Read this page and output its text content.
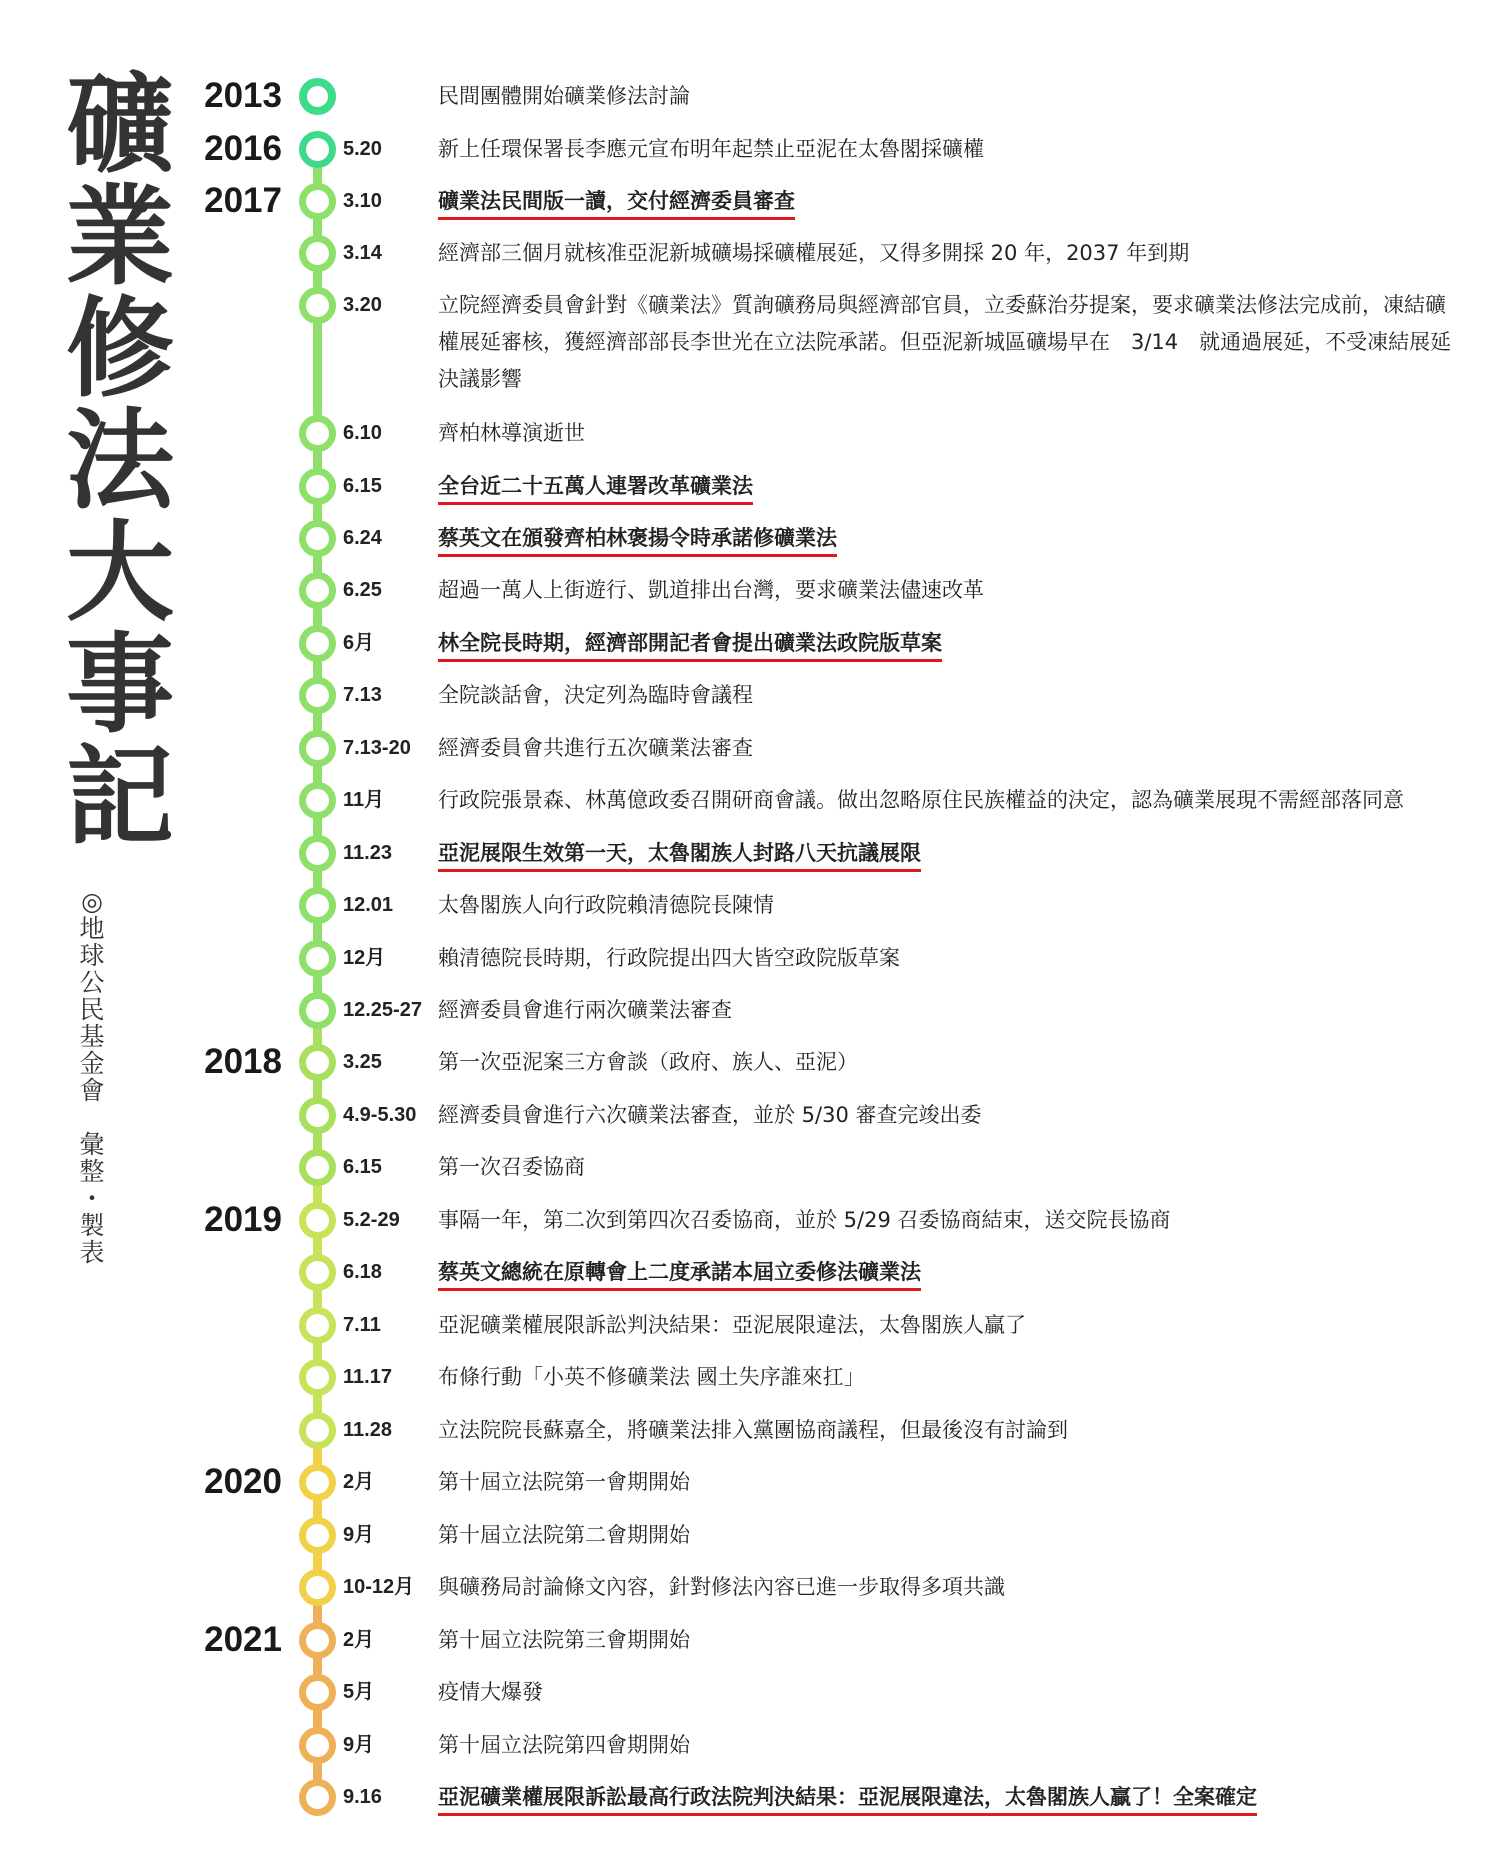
礦
業
修
法
大
事
記
◎
地
球
公
民
基
金
會

彙
整
・
製
表
2013	民間團體開始礦業修法討論
2016	5.20	新上任環保署長李應元宣布明年起禁止亞泥在太魯閣採礦權
2017	3.10	礦業法民間版一讀，交付經濟委員審查
3.14	經濟部三個月就核准亞泥新城礦場採礦權展延，又得多開採 20 年，2037 年到期
3.20	立院經濟委員會針對《礦業法》質詢礦務局與經濟部官員，立委蘇治芬提案，要求礦業法修法完成前，凍結礦權展延審核，獲經濟部部長李世光在立法院承諾。但亞泥新城區礦場早在　3/14　就通過展延，不受凍結展延決議影響
6.10	齊柏林導演逝世
6.15	全台近二十五萬人連署改革礦業法
6.24	蔡英文在頒發齊柏林褒揚令時承諾修礦業法
6.25	超過一萬人上街遊行、凱道排出台灣，要求礦業法儘速改革
6月	林全院長時期，經濟部開記者會提出礦業法政院版草案
7.13	全院談話會，決定列為臨時會議程
7.13-20 經濟委員會共進行五次礦業法審查
11月	行政院張景森、林萬億政委召開研商會議。做出忽略原住民族權益的決定，認為礦業展現不需經部落同意
11.23 亞泥展限生效第一天，太魯閣族人封路八天抗議展限
12.01 太魯閣族人向行政院賴清德院長陳情
12月	賴清德院長時期，行政院提出四大皆空政院版草案
12.25-27 經濟委員會進行兩次礦業法審查
2018	3.25	第一次亞泥案三方會談（政府、族人、亞泥）
4.9-5.30 經濟委員會進行六次礦業法審查，並於 5/30 審查完竣出委
6.15	第一次召委協商
2019	5.2-29 事隔一年，第二次到第四次召委協商，並於 5/29 召委協商結束，送交院長協商
6.18	蔡英文總統在原轉會上二度承諾本屆立委修法礦業法
7.11	亞泥礦業權展限訴訟判決結果：亞泥展限違法，太魯閣族人贏了
11.17 布條行動「小英不修礦業法 國土失序誰來扛」
11.28 立法院院長蘇嘉全，將礦業法排入黨團協商議程，但最後沒有討論到
2020	2月	第十屆立法院第一會期開始
9月	第十屆立法院第二會期開始
10-12月 與礦務局討論條文內容，針對修法內容已進一步取得多項共識
2021	2月	第十屆立法院第三會期開始
5月	疫情大爆發
9月	第十屆立法院第四會期開始
9.16	亞泥礦業權展限訴訟最高行政法院判決結果：亞泥展限違法，太魯閣族人贏了！全案確定
